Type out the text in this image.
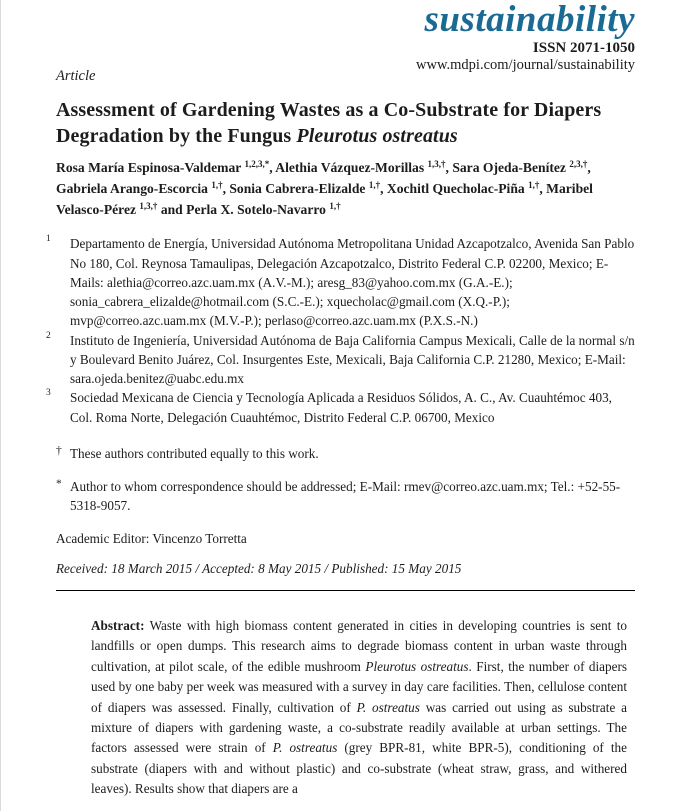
sustainability
ISSN 2071-1050
www.mdpi.com/journal/sustainability
Article
Assessment of Gardening Wastes as a Co-Substrate for Diapers
Degradation by the Fungus Pleurotus ostreatus

Rosa María Espinosa-Valdemar $^{1,2,3,*}$, Alethia Vázquez-Morillas $^{1,3,\dagger}$, Sara Ojeda-Benítez $^{2,3,\dagger}$, Gabriela Arango-Escorcia $^{1,\dagger}$, Sonia Cabrera-Elizalde $^{1,\dagger}$, Xochitl Quecholac-Piña $^{1,\dagger}$, Maribel Velasco-Pérez $^{1,3,\dagger}$ and Perla X. Sotelo-Navarro $^{1,\dagger}$

1 Departamento de Energía, Universidad Autónoma Metropolitana Unidad Azcapotzalco, Avenida San Pablo No 180, Col. Reynosa Tamaulipas, Delegación Azcapotzalco, Distrito Federal C.P. 02200, Mexico; E-Mails: alethia@correo.azc.uam.mx (A.V.-M.); aresg_83@yahoo.com.mx (G.A.-E.); sonia_cabrera_elizalde@hotmail.com (S.C.-E.); xquecholac@gmail.com (X.Q.-P.); mvp@correo.azc.uam.mx (M.V.-P.); perlaso@correo.azc.uam.mx (P.X.S.-N.)
2 Instituto de Ingeniería, Universidad Autónoma de Baja California Campus Mexicali, Calle de la normal s/n y Boulevard Benito Juárez, Col. Insurgentes Este, Mexicali, Baja California C.P. 21280, Mexico; E-Mail: sara.ojeda.benitez@uabc.edu.mx
3 Sociedad Mexicana de Ciencia y Tecnología Aplicada a Residuos Sólidos, A. C., Av. Cuauhtémoc 403, Col. Roma Norte, Delegación Cuauhtémoc, Distrito Federal C.P. 06700, Mexico
† These authors contributed equally to this work.
* Author to whom correspondence should be addressed; E-Mail: rmev@correo.azc.uam.mx; Tel.: +52-55-5318-9057.
Academic Editor: Vincenzo Torretta
Received: 18 March 2015 / Accepted: 8 May 2015 / Published: 15 May 2015

Abstract: Waste with high biomass content generated in cities in developing countries is sent to landfills or open dumps. This research aims to degrade biomass content in urban waste through cultivation, at pilot scale, of the edible mushroom Pleurotus ostreatus. First, the number of diapers used by one baby per week was measured with a survey in day care facilities. Then, cellulose content of diapers was assessed. Finally, cultivation of P. ostreatus was carried out using as substrate a mixture of diapers with gardening waste, a co-substrate readily available at urban settings. The factors assessed were strain of P. ostreatus (grey BPR-81, white BPR-5), conditioning of the substrate (diapers with and without plastic) and co-substrate (wheat straw, grass, and withered leaves). Results show that diapers are a
